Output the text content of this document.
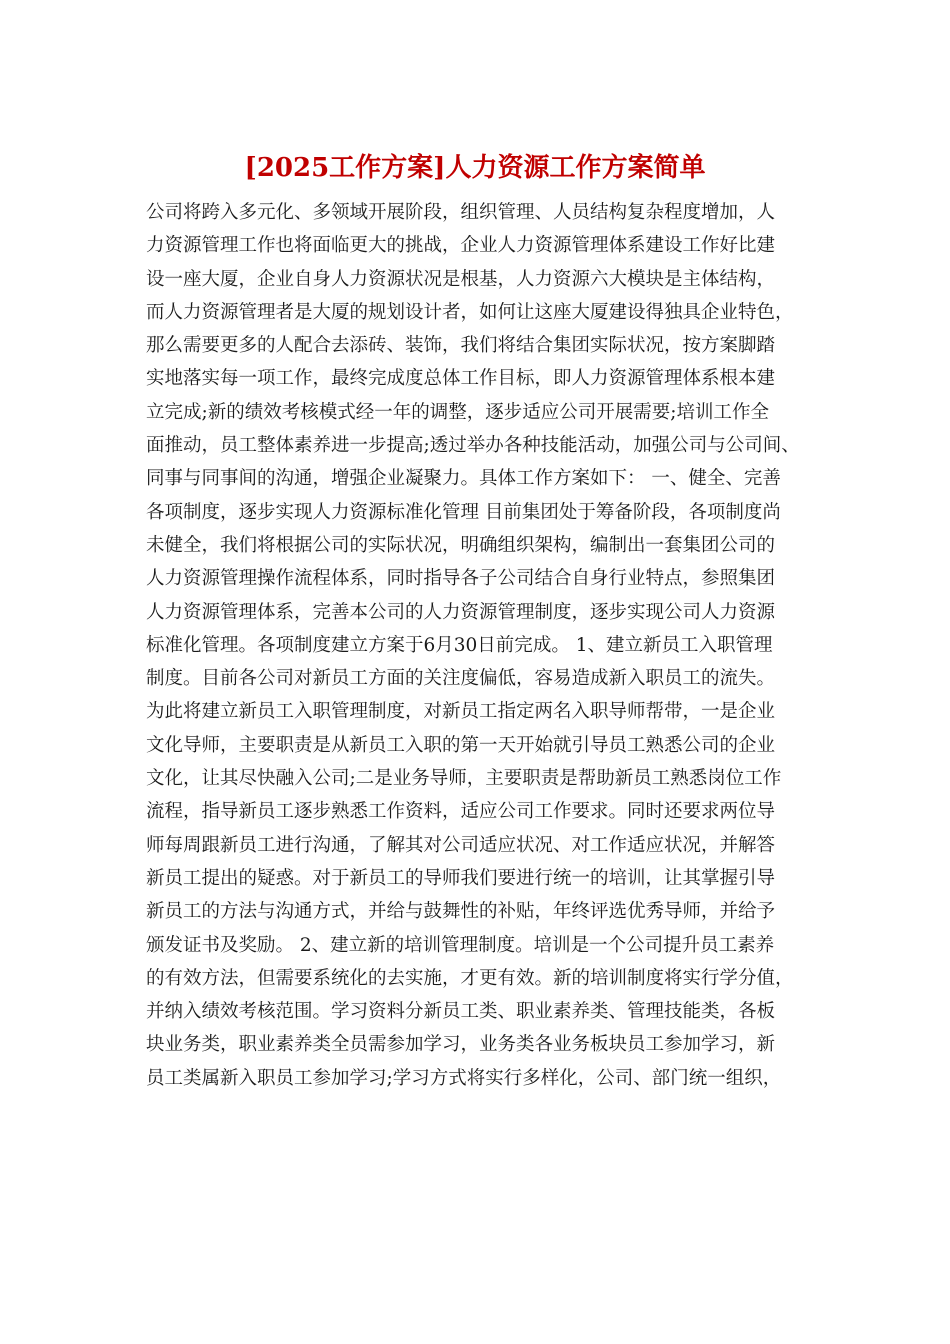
[2025工作方案]人力资源工作方案简单
公司将跨入多元化、多领域开展阶段，组织管理、人员结构复杂程度增加，人
力资源管理工作也将面临更大的挑战，企业人力资源管理体系建设工作好比建
设一座大厦，企业自身人力资源状况是根基，人力资源六大模块是主体结构，
而人力资源管理者是大厦的规划设计者，如何让这座大厦建设得独具企业特色，
那么需要更多的人配合去添砖、装饰，我们将结合集团实际状况，按方案脚踏
实地落实每一项工作，最终完成度总体工作目标，即人力资源管理体系根本建
立完成;新的绩效考核模式经一年的调整，逐步适应公司开展需要;培训工作全
面推动，员工整体素养进一步提高;透过举办各种技能活动，加强公司与公司间、
同事与同事间的沟通，增强企业凝聚力。具体工作方案如下： 一、健全、完善
各项制度，逐步实现人力资源标准化管理 目前集团处于筹备阶段，各项制度尚
未健全，我们将根据公司的实际状况，明确组织架构，编制出一套集团公司的
人力资源管理操作流程体系，同时指导各子公司结合自身行业特点，参照集团
人力资源管理体系，完善本公司的人力资源管理制度，逐步实现公司人力资源
标准化管理。各项制度建立方案于6月30日前完成。 1、建立新员工入职管理
制度。目前各公司对新员工方面的关注度偏低，容易造成新入职员工的流失。
为此将建立新员工入职管理制度，对新员工指定两名入职导师帮带，一是企业
文化导师，主要职责是从新员工入职的第一天开始就引导员工熟悉公司的企业
文化，让其尽快融入公司;二是业务导师，主要职责是帮助新员工熟悉岗位工作
流程，指导新员工逐步熟悉工作资料，适应公司工作要求。同时还要求两位导
师每周跟新员工进行沟通，了解其对公司适应状况、对工作适应状况，并解答
新员工提出的疑惑。对于新员工的导师我们要进行统一的培训，让其掌握引导
新员工的方法与沟通方式，并给与鼓舞性的补贴，年终评选优秀导师，并给予
颁发证书及奖励。 2、建立新的培训管理制度。培训是一个公司提升员工素养
的有效方法，但需要系统化的去实施，才更有效。新的培训制度将实行学分值，
并纳入绩效考核范围。学习资料分新员工类、职业素养类、管理技能类，各板
块业务类，职业素养类全员需参加学习，业务类各业务板块员工参加学习，新
员工类属新入职员工参加学习;学习方式将实行多样化，公司、部门统一组织，
